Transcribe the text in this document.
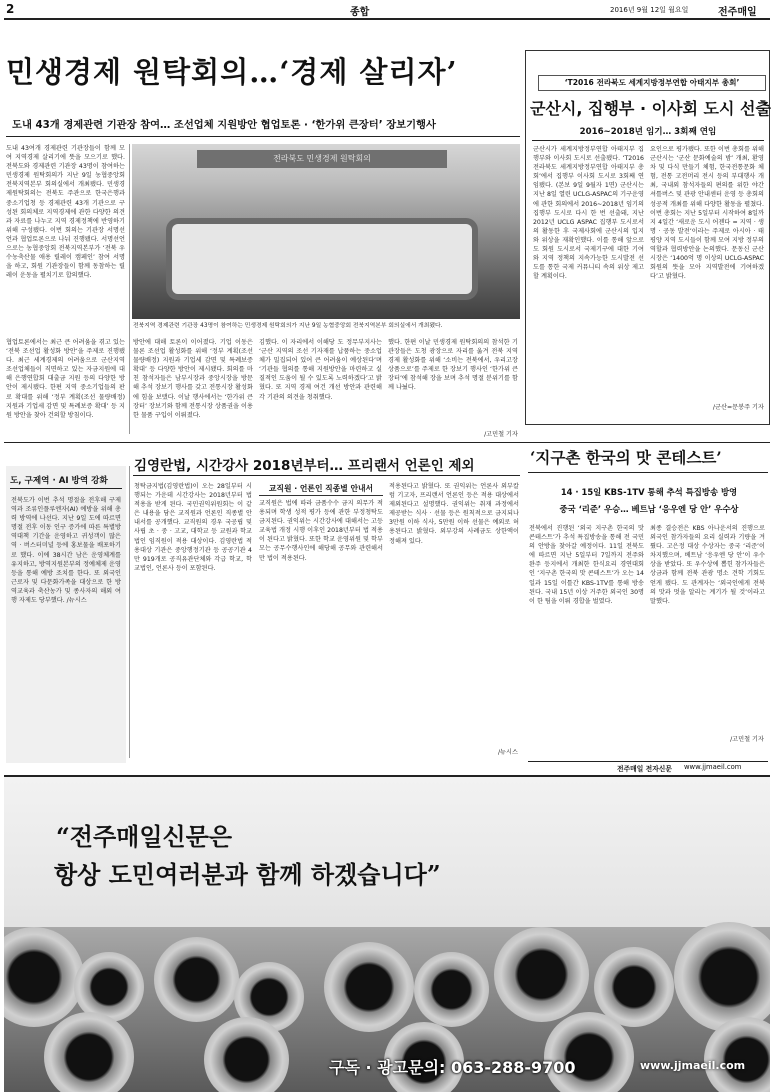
2	종합	2016년 9월 12일 월요일	전주매일
민생경제 원탁회의…‘경제 살리자’
도내 43개 경제관련 기관장 참여… 조선업체 지원방안 협업토론 · ‘한가위 큰장터’ 장보기행사
도내 43여개 경제관련 기관장들이 함께 모여 지역경제 살리기에 뜻을 모으기로 했다. 전북도와 경제관련 기관장 43명이 참여하는 민생경제 원탁회의가 지난 9일 농협중앙회 전북지역본부 회의실에서 개최됐다. 민생경제원탁회의는 전북도 주관으로 한국은행과 중소기업청 등 경제관련 43개 기관으로 구성된 회의체로 지역경제에 관한 다양한 의견과 자료를 나누고 지역 경제정책에 반영하기 위해 구성됐다. 이번 회의는 기관장 서명선언과 협업토론으로 나눠 진행됐다. 서명선언으로는 농협중앙회 전북지역본부가 ‘전북 우수농축산물 애용 릴레이 캠페인’ 참여 서명을 하고, 회원 기관장들이 함께 동참하는 릴레이 운동을 펼치기로 합의했다.
전라북도 민생경제 원탁회의
전북지역 경제관련 기관장 43명이 참여하는 민생경제 원탁회의가 지난 9일 농협중앙회 전북지역본부 회의실에서 개최됐다.
협업토론에서는 최근 큰 어려움을 겪고 있는 ‘전북 조선업 활성화 방안’을 주제로 진행됐다. 최근 세계경제의 어려움으로 군산지역 조선업체들이 직면하고 있는 자금지원에 대해 은행연합회 대출금 지원 등의 다양한 방안이 제시됐다. 한편 지역 중소기업들의 판로 확대를 위해 ‘정부 계획(조선 물량배정) 지원과 기업세 감면 및 특례보증 확대’ 등 지원 방안을 찾아 건의할 방침이다.
방안에 대해 토론이 이어졌다. 기업 이동은 물론 조선업 활성화를 위해 ‘정부 계획(조선 물량배정) 지원과 기업세 감면 및 특례보증 확대’ 등 다양한 방안이 제시됐다. 회의를 마친 참석자들은 남부시장과 중앙시장을 방문해 추석 장보기 행사를 갖고 전통시장 활성화에 힘을 보탰다. 이날 행사에서는 ‘한가위 큰장터’ 장보기와 함께 전통시장 상품권을 이용한 물품 구입이 이뤄졌다.
김했다. 이 자리에서 이해당 도 정무부지사는 ‘군산 지역의 조선 기자재를 납품하는 중소업체가 밀집되어 있어 큰 어려움이 예상된다’며 ‘기관들 협의를 통해 지원방안을 마련하고 실질적인 도움이 될 수 있도록 노력하겠다’고 밝혔다. 또 지역 경제 여건 개선 방안과 관련해 각 기관의 의견을 청취했다.
했다. 한편 이날 민생경제 원탁회의의 참석한 기관장들은 도청 광장으로 자리를 옮겨 전북 지역경제 활성화를 위해 ‘소비는 전북에서, 우리고장 상품으로’를 주제로 한 장보기 행사인 ‘한가위 큰장터’에 참석해 장을 보며 추석 명절 분위기를 함께 나눴다.
/고민철 기자
‘T2016 전라북도 세계지방정부연합 아태지부 총회’
군산시, 집행부 · 이사회 도시 선출
2016~2018년 임기… 3회째 연임
군산시가 세계지방정부연합 아태지부 집행부와 이사회 도시로 선출됐다. ‘T2016 전라북도 세계지방정부연합 아태지부 총회’에서 집행부 이사회 도시로 3회째 연임됐다. (본보 9일 9월자 1면) 군산시는 지난 8일 열린 UCLG-ASPAC의 기구운영에 관한 회의에서 2016~2018년 임기의 집행부 도시로 다시 한 번 선출돼, 지난 2012년 UCLG ASPAC 집행부 도시로서의 활동한 후 국제사회에 군산시의 입지와 위상을 재확인했다. 이를 통해 앞으로도 회원 도시로서 국제기구에 대한 기여와 지역 정책의 지속가능한 도시발전 선도를 통한 국제 커뮤니티 속의 위상 제고할 계획이다.
요인으로 평가됐다. 또한 이번 총회를 위해 군산시는 ‘군산 문화예술의 밤’ 개최, 환영 차 및 다식 만들기 체험, 한국전통문화 체험, 전통 고전머리 전시 등의 부대행사 개최, 국내외 참석자들의 편의를 위한 야간 셔틀버스 및 관광 안내센터 운영 등 총회의 성공적 개최를 위해 다양한 활동을 펼쳤다. 이번 총회는 지난 5일부터 시작하여 8일까지 4일간 ‘새로운 도시 어젠다 = 지역 · 생명 · 공동 발전’이라는 주제로 아시아 · 태평양 지역 도시들이 함께 모여 지방 정부의 역할과 협력방안을 논의했다. 문동신 군산시장은 ‘1400억 명 이상의 UCLG-ASPAC 회원의 뜻을 모아 지역발전에 기여하겠다’고 밝혔다.
/군산=문봉주 기자
도, 구제역 · AI 방역 강화
전북도가 이번 추석 명절을 전후해 구제역과 조류인플루엔자(AI) 예방을 위해 총력 방역에 나선다. 지난 9일 도에 따르면 명절 전후 이동 인구 증가에 따른 특별방역대책 기간을 운영하고 귀성객이 많은 역 · 버스터미널 등에 홍보물을 배포하기로 했다. 이에 38시간 남은 운영체계를 유지하고, 방역지원본부의 정예체제 운영 등을 통해 예방 조치를 한다. 또 외국인 근로자 및 다문화가족을 대상으로 한 방역교육과 축산농가 및 종사자의 해외 여행 자제도 당부했다. /뉴시스
김영란법, 시간강사 2018년부터… 프리랜서 언론인 제외
청탁금지법(김영란법)이 오는 28일부터 시행되는 가운데 시간강사는 2018년부터 법 적용을 받게 된다. 국민권익위원회는 이 같은 내용을 담은 교직원과 언론인 직종별 안내서를 공개했다. 교직원의 경우 국공립 및 사립 초 · 중 · 고교, 대학교 등 교원과 학교법인 임직원이 적용 대상이다. 김영란법 적용대상 기관은 중앙행정기관 등 공공기관 4만 919개로 공직유관단체와 각급 학교, 학교법인, 언론사 등이 포함된다.
교직원 · 언론인 직종별 안내서
교직원은 법에 따라 금품수수 금지 의무가 적용되며 학생 성적 평가 등에 관한 부정청탁도 금지된다. 권익위는 시간강사에 대해서는 고등교육법 개정 시행 이후인 2018년부터 법 적용이 된다고 밝혔다. 또한 학교 운영위원 및 학부모는 공무수행사인에 해당해 공무와 관련해서만 법이 적용된다.
적용된다고 밝혔다. 또 권익위는 언론사 외부칼럼 기고자, 프리랜서 언론인 등은 적용 대상에서 제외된다고 설명했다. 권익위는 취재 과정에서 제공받는 식사 · 선물 등은 원칙적으로 금지되나 3만원 이하 식사, 5만원 이하 선물은 예외로 허용된다고 밝혔다. 외부강의 사례금도 상한액이 정해져 있다.
/뉴시스
‘지구촌 한국의 맛 콘테스트’
14 · 15일 KBS-1TV 통해 추석 특집방송 방영
중국 ‘리준’ 우승… 베트남 ‘응우엔 당 안’ 우수상
전북에서 진행된 ‘외국 지구촌 한국의 맛 콘테스트’가 추석 특집방송을 통해 전 국민의 안방을 찾아갈 예정이다. 11일 전북도에 따르면 지난 5일부터 7일까지 전주와 완주 등지에서 개최한 한식요리 경연대회인 ‘지구촌 한국의 맛 콘테스트’가 오는 14일과 15일 이틀간 KBS-1TV를 통해 방송된다. 국내 15년 이상 거주한 외국인 30명이 한 팀을 이뤄 경합을 벌였다.
최종 결승전은 KBS 아나운서의 진행으로 외국인 참가자들의 요리 실력과 기량을 겨뤘다. 고은정 대상 수상자는 중국 ‘리준’이 차지했으며, 베트남 ‘응우엔 당 안’이 우수상을 받았다. 또 우수상에 뽑힌 참가자들은 상금과 함께 전북 관광 명소 견학 기회도 얻게 됐다. 도 관계자는 ‘외국인에게 전북의 맛과 멋을 알리는 계기가 될 것’이라고 말했다.
/고민철 기자
전주매일 전자신문 www.jjmaeil.com
“전주매일신문은
항상 도민여러분과 함께 하겠습니다”
구독 · 광고문의: 063-288-9700	www.jjmaeil.com
